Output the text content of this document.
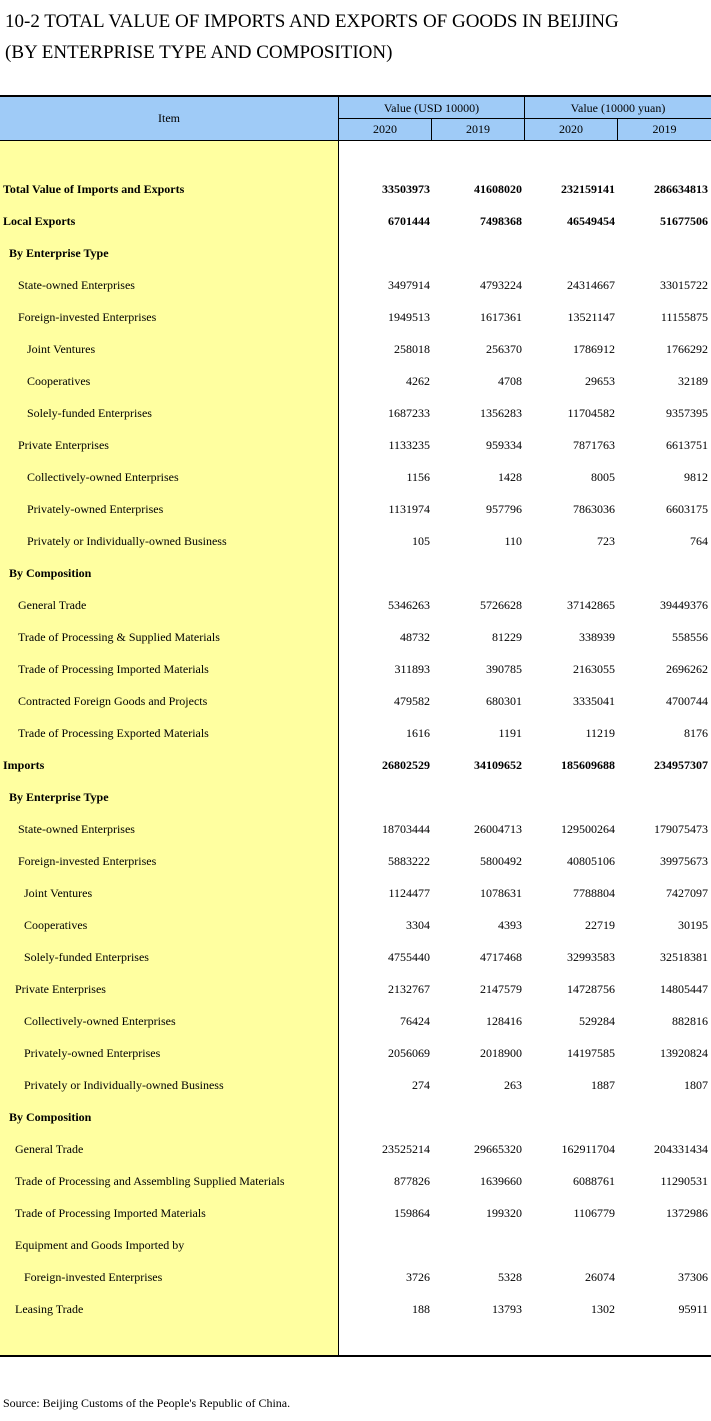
10-2 TOTAL VALUE OF IMPORTS AND EXPORTS OF GOODS IN BEIJING
(BY ENTERPRISE TYPE AND COMPOSITION)
Item
Value (USD 10000)	Value (10000 yuan)
2020	2019	2020	2019
Total Value of Imports and Exports	33503973	41608020	232159141	286634813
Local Exports	6701444	7498368	46549454	51677506
By Enterprise Type
State-owned Enterprises	3497914	4793224	24314667	33015722
Foreign-invested Enterprises	1949513	1617361	13521147	11155875
Joint Ventures	258018	256370	1786912	1766292
Cooperatives	4262	4708	29653	32189
Solely-funded Enterprises	1687233	1356283	11704582	9357395
Private Enterprises	1133235	959334	7871763	6613751
Collectively-owned Enterprises	1156	1428	8005	9812
Privately-owned Enterprises	1131974	957796	7863036	6603175
Privately or Individually-owned Business	105	110	723	764
By Composition
General Trade	5346263	5726628	37142865	39449376
Trade of Processing & Supplied Materials	48732	81229	338939	558556
Trade of Processing Imported Materials	311893	390785	2163055	2696262
Contracted Foreign Goods and Projects	479582	680301	3335041	4700744
Trade of Processing Exported Materials	1616	1191	11219	8176
Imports	26802529	34109652	185609688	234957307
By Enterprise Type
State-owned Enterprises	18703444	26004713	129500264	179075473
Foreign-invested Enterprises	5883222	5800492	40805106	39975673
Joint Ventures	1124477	1078631	7788804	7427097
Cooperatives	3304	4393	22719	30195
Solely-funded Enterprises	4755440	4717468	32993583	32518381
Private Enterprises	2132767	2147579	14728756	14805447
Collectively-owned Enterprises	76424	128416	529284	882816
Privately-owned Enterprises	2056069	2018900	14197585	13920824
Privately or Individually-owned Business	274	263	1887	1807
By Composition
General Trade	23525214	29665320	162911704	204331434
Trade of Processing and Assembling Supplied Materials	877826	1639660	6088761	11290531
Trade of Processing Imported Materials	159864	199320	1106779	1372986
Equipment and Goods Imported by
Foreign-invested Enterprises	3726	5328	26074	37306
Leasing Trade	188	13793	1302	95911
Source: Beijing Customs of the People's Republic of China.
